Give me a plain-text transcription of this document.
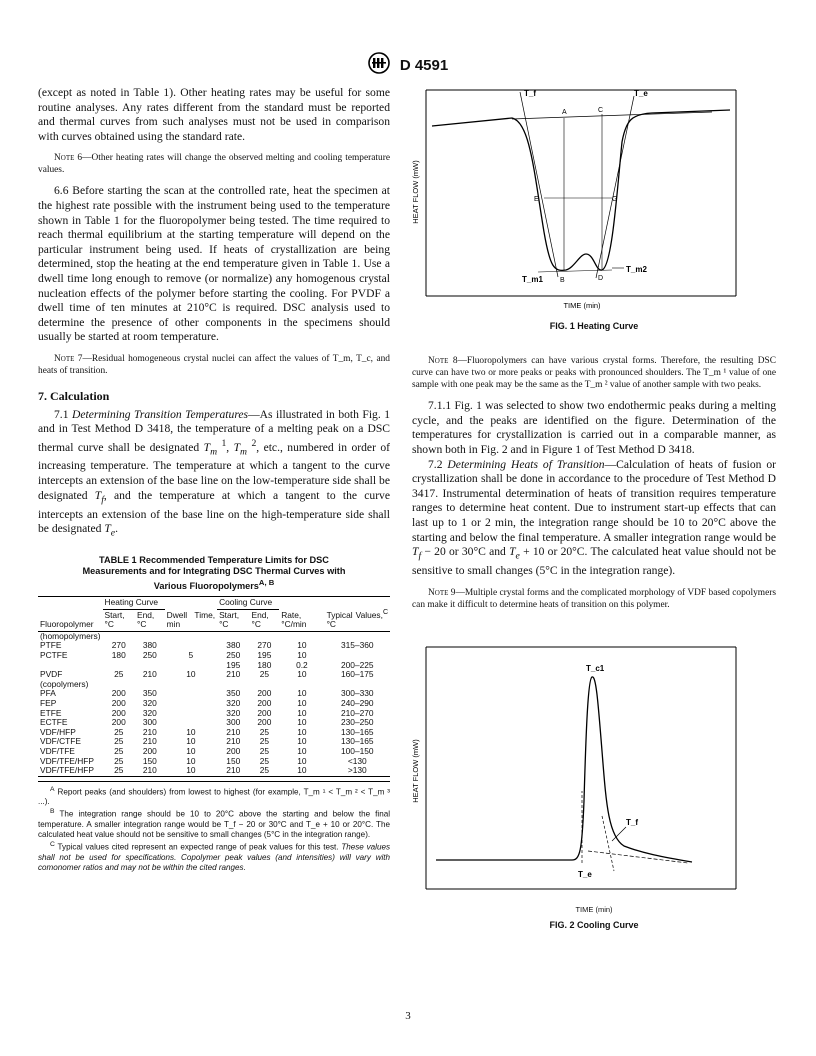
D 4591

(except as noted in Table 1). Other heating rates may be useful for some routine analyses. Any rates different from the standard must be reported and thermal curves from such analyses must not be used in comparison with curves obtained using the standard rate.

Note 6—Other heating rates will change the observed melting and cooling temperature values.

6.6 Before starting the scan at the controlled rate, heat the specimen at the highest rate possible with the instrument being used to the temperature shown in Table 1 for the fluoropolymer being tested. The time required to reach thermal equilibrium at the starting temperature will depend on the particular instrument being used. If heats of crystallization are being determined, stop the heating at the end temperature given in Table 1. Use a dwell time long enough to remove (or normalize) any homogenous crystal nucleation effects of the polymer before starting the cooling. For PVDF a dwell time of ten minutes at 210°C is required. DSC analysis used to determine the presence of other components in the specimens should usually be started at room temperature.

Note 7—Residual homogeneous crystal nuclei can affect the values of T_m, T_c, and heats of transition.

7. Calculation

7.1 Determining Transition Temperatures—As illustrated in both Fig. 1 and in Test Method D 3418, the temperature of a melting peak on a DSC thermal curve shall be designated $T_m$ $^1$, $T_m$ $^2$, etc., numbered in order of increasing temperature. The temperature at which a tangent to the curve intercepts an extension of the base line on the low-temperature side shall be designated $T_f$, and the temperature at which a tangent to the curve intercepts an extension of the base line on the high-temperature side shall be designated $T_e$.

TABLE 1 Recommended Temperature Limits for DSC
Measurements and for Integrating DSC Thermal Curves with
Various Fluoropolymers$^{A, B}$
Fluoropolymer	Heating Curve		Dwell Time, min	Cooling Curve		Rate, °C/min	Typical Values,$^C$ °C
	Start, °C	End, °C		Start, °C	End, °C		
(homopolymers)							
PTFE	270	380		380	270	10	315–360
PCTFE	180	250	5	250	195	10	
				195	180	0.2	200–225
PVDF	25	210	10	210	25	10	160–175
(copolymers)							
PFA	200	350		350	200	10	300–330
FEP	200	320		320	200	10	240–290
ETFE	200	320		320	200	10	210–270
ECTFE	200	300		300	200	10	230–250
VDF/HFP	25	210	10	210	25	10	130–165
VDF/CTFE	25	210	10	210	25	10	130–165
VDF/TFE	25	200	10	200	25	10	100–150
VDF/TFE/HFP	25	150	10	150	25	10	<130
VDF/TFE/HFP	25	210	10	210	25	10	>130

$^A$ Report peaks (and shoulders) from lowest to highest (for example, T_m ¹ < T_m ² < T_m ³ ...).

$^B$ The integration range should be 10 to 20°C above the starting and below the final temperature. A smaller integration range would be T_f − 20 or 30°C and T_e + 10 or 20°C. The calculated heat value should not be sensitive to small changes (5°C in the integration range).

$^C$ Typical values cited represent an expected range of peak values for this test. These values shall not be used for specifications. Copolymer peak values (and intensities) will vary with comonomer ratios and may not be within the cited ranges.

T_f	T_e
A	C
E	G
T_m1 B	D
T_m2
HEAT FLOW (mW)
TIME (min)
FIG. 1 Heating Curve

Note 8—Fluoropolymers can have various crystal forms. Therefore, the resulting DSC curve can have two or more peaks or peaks with pronounced shoulders. The T_m ¹ value of one sample with one peak may be the same as the T_m ² value of another sample with two peaks.

7.1.1 Fig. 1 was selected to show two endothermic peaks during a melting cycle, and the peaks are identified on the figure. Determination of the temperatures for crystallization is carried out in a comparable manner, as shown both in Fig. 2 and in Figure 1 of Test Method D 3418.

7.2 Determining Heats of Transition—Calculation of heats of fusion or crystallization shall be done in accordance to the procedure of Test Method D 3417. Instrumental determination of heats of transition requires temperature ranges to determine heat content. Due to instrument start-up effects that can last up to 1 or 2 min, the integration range should be 10 to 20°C above the starting and below the final temperature. A smaller integration range would be $T_f - 20$ or 30°C and $T_e + 10$ or 20°C. The calculated heat value should not be sensitive to small changes (5°C in the integration range).

Note 9—Multiple crystal forms and the complicated morphology of VDF based copolymers can make it difficult to determine heats of transition on this polymer.

T_c1
T_f
T_e
HEAT FLOW (mW)
TIME (min)
FIG. 2 Cooling Curve
3
